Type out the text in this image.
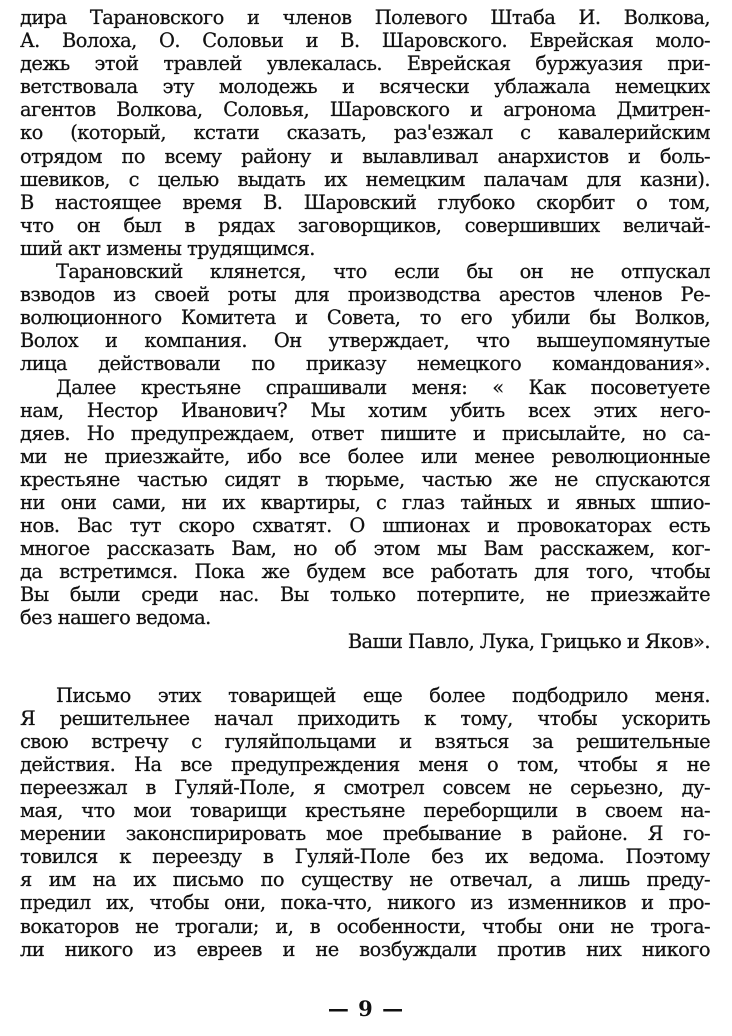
дира Тарановского и членов Полевого Штаба И. Волкова,
А. Волоха, О. Соловьи и В. Шаровского. Еврейская моло-
дежь этой травлей увлекалась. Еврейская буржуазия при-
ветствовала эту молодежь и всячески ублажала немецких
агентов Волкова, Соловья, Шаровского и агронома Дмитрен-
ко (который, кстати сказать, раз'езжал с кавалерийским
отрядом по всему району и вылавливал анархистов и боль-
шевиков, с целью выдать их немецким палачам для казни).
В настоящее время В. Шаровский глубоко скорбит о том,
что он был в рядах заговорщиков, совершивших величай-
ший акт измены трудящимся.

Тарановский клянется, что если бы он не отпускал
взводов из своей роты для производства арестов членов Ре-
волюционного Комитета и Совета, то его убили бы Волков,
Волох и компания. Он утверждает, что вышеупомянутые
лица действовали по приказу немецкого командования».

Далее крестьяне спрашивали меня: « Как посоветуете
нам, Нестор Иванович? Мы хотим убить всех этих него-
дяев. Но предупреждаем, ответ пишите и присылайте, но са-
ми не приезжайте, ибо все более или менее революционные
крестьяне частью сидят в тюрьме, частью же не спускаются
ни они сами, ни их квартиры, с глаз тайных и явных шпио-
нов. Вас тут скоро схватят. О шпионах и провокаторах есть
многое рассказать Вам, но об этом мы Вам расскажем, ког-
да встретимся. Пока же будем все работать для того, чтобы
Вы были среди нас. Вы только потерпите, не приезжайте
без нашего ведома.

Ваши Павло, Лука, Грицько и Яков».

Письмо этих товарищей еще более подбодрило меня.
Я решительнее начал приходить к тому, чтобы ускорить
свою встречу с гуляйпольцами и взяться за решительные
действия. На все предупреждения меня о том, чтобы я не
переезжал в Гуляй-Поле, я смотрел совсем не серьезно, ду-
мая, что мои товарищи крестьяне переборщили в своем на-
мерении законспирировать мое пребывание в районе. Я го-
товился к переезду в Гуляй-Поле без их ведома. Поэтому
я им на их письмо по существу не отвечал, а лишь преду-
предил их, чтобы они, пока-что, никого из изменников и про-
вокаторов не трогали; и, в особенности, чтобы они не трога-
ли никого из евреев и не возбуждали против них никого

— 9 —
